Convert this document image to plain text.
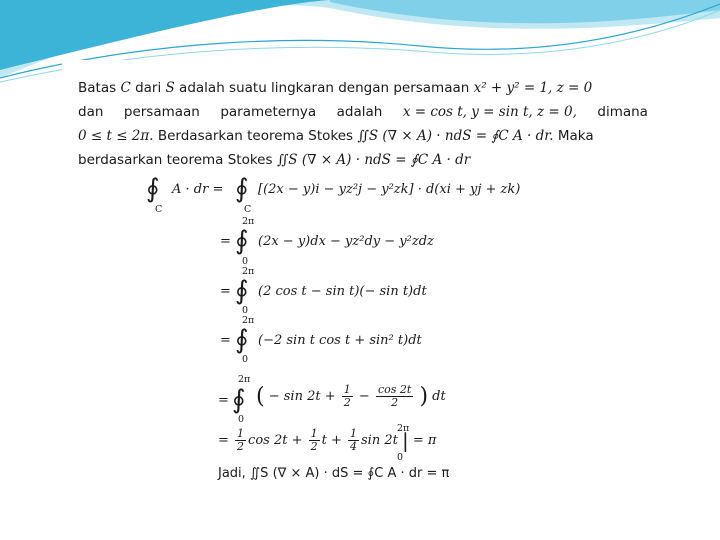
Batas C dari S adalah suatu lingkaran dengan persamaan x² + y² = 1, z = 0
dan persamaan parameternya adalah x = cos t, y = sin t, z = 0, dimana
0 ≤ t ≤ 2π. Berdasarkan teorema Stokes ∬S (∇ × A) · ndS = ∮C A · dr. Maka
berdasarkan teorema Stokes ∬S (∇ × A) · ndS = ∮C A · dr
∮
C
A · dr = ∮
C
[(2x − y)i − yz²j − y²zk] · d(xi + yj + zk)
2π
= ∮
0
(2x − y)dx − yz²dy − y²zdz
2π
= ∮
0
(2 cos t − sin t)(− sin t)dt
2π
= ∮
0
(−2 sin t cos t + sin² t)dt
2π
= ∮
0
( − $\sin 2t + \frac{1}{2} - \frac{\cos 2t}{2}$ ) dt
= $\frac{1}{2}$ $\cos 2t + \frac{1}{2}$ $t + \frac{1}{4}$ sin 2t | = π
2π
0
Jadi, ∬S (∇ × A) · dS = ∮C A · dr = π
